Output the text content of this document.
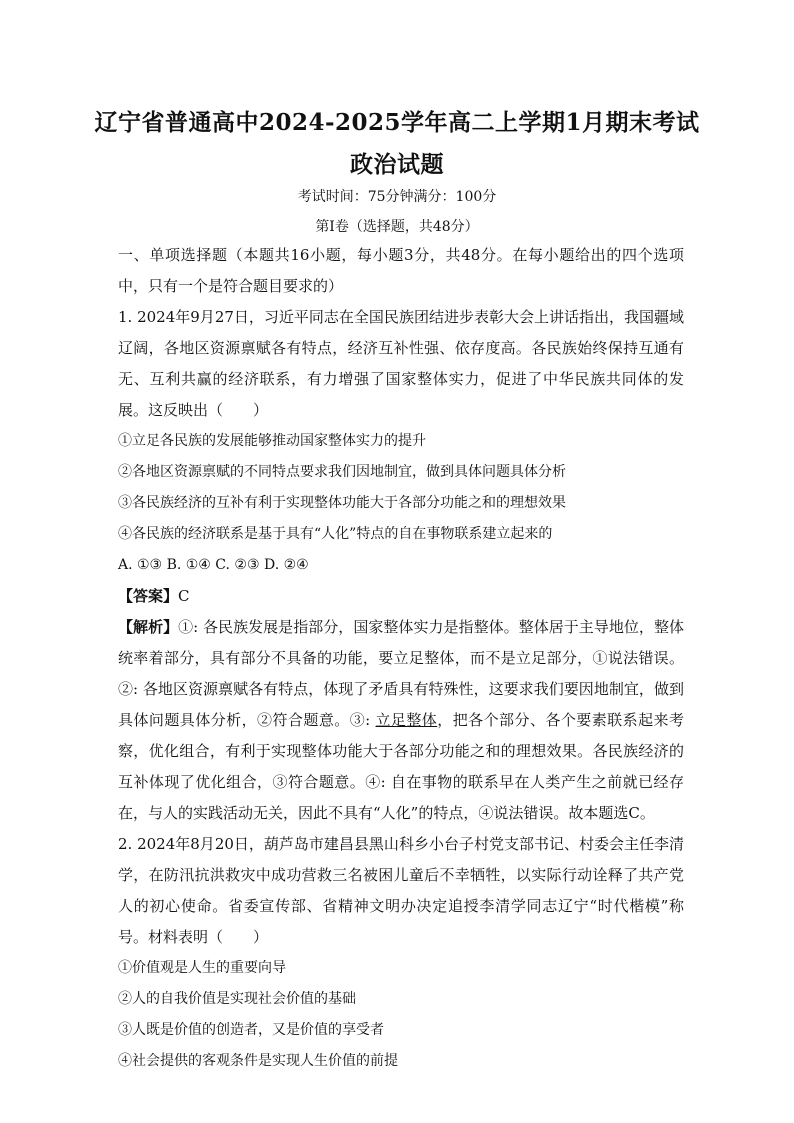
辽宁省普通高中2024-2025学年高二上学期1月期末考试
政治试题
考试时间：75分钟满分：100分
第Ⅰ卷（选择题，共48分）

一、单项选择题（本题共16小题，每小题3分，共48分。在每小题给出的四个选项中，只有一个是符合题目要求的）

1. 2024年9月27日，习近平同志在全国民族团结进步表彰大会上讲话指出，我国疆域辽阔，各地区资源禀赋各有特点，经济互补性强、依存度高。各民族始终保持互通有无、互利共赢的经济联系，有力增强了国家整体实力，促进了中华民族共同体的发展。这反映出（　　）

①立足各民族的发展能够推动国家整体实力的提升

②各地区资源禀赋的不同特点要求我们因地制宜，做到具体问题具体分析

③各民族经济的互补有利于实现整体功能大于各部分功能之和的理想效果

④各民族的经济联系是基于具有“人化”特点的自在事物联系建立起来的

A. ①③ B. ①④ C. ②③ D. ②④

【答案】C

【解析】①: 各民族发展是指部分，国家整体实力是指整体。整体居于主导地位，整体统率着部分，具有部分不具备的功能，要立足整体，而不是立足部分，①说法错误。②: 各地区资源禀赋各有特点，体现了矛盾具有特殊性，这要求我们要因地制宜，做到具体问题具体分析，②符合题意。③: 立足整体，把各个部分、各个要素联系起来考察，优化组合，有利于实现整体功能大于各部分功能之和的理想效果。各民族经济的互补体现了优化组合，③符合题意。④: 自在事物的联系早在人类产生之前就已经存在，与人的实践活动无关，因此不具有“人化”的特点，④说法错误。故本题选C。

2. 2024年8月20日，葫芦岛市建昌县黑山科乡小台子村党支部书记、村委会主任李清学，在防汛抗洪救灾中成功营救三名被困儿童后不幸牺牲，以实际行动诠释了共产党人的初心使命。省委宣传部、省精神文明办决定追授李清学同志辽宁“时代楷模”称号。材料表明（　　）

①价值观是人生的重要向导

②人的自我价值是实现社会价值的基础

③人既是价值的创造者，又是价值的享受者

④社会提供的客观条件是实现人生价值的前提
